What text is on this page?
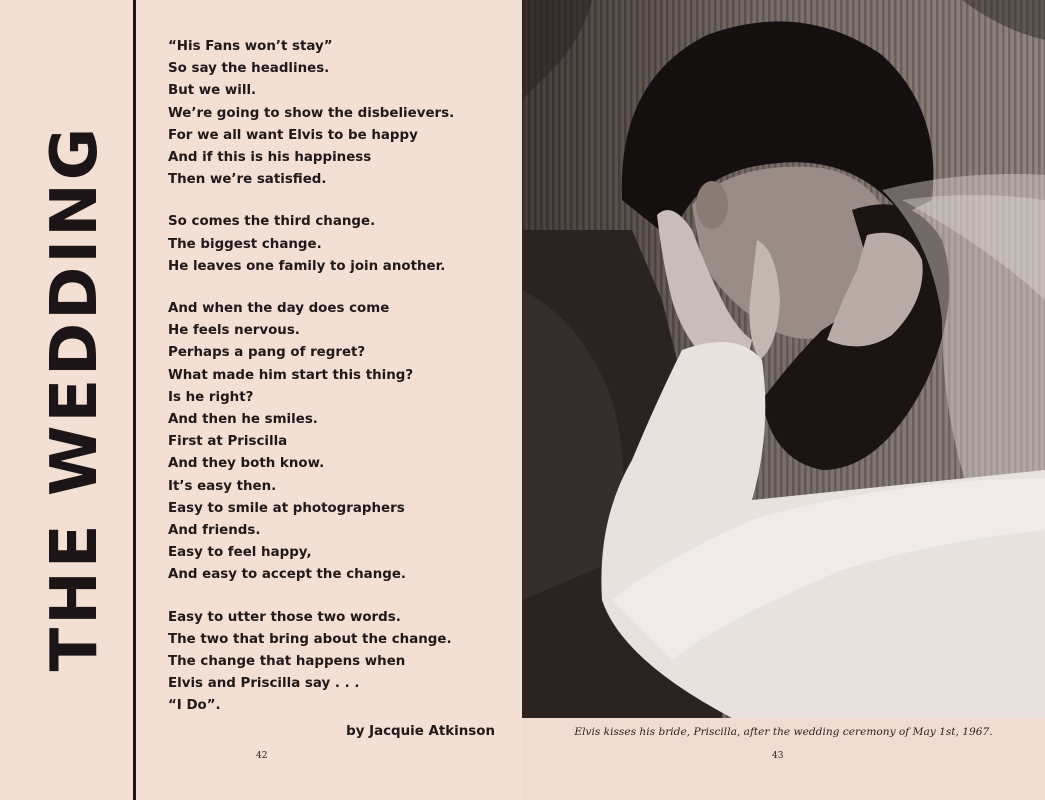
THE WEDDING
“His Fans won’t stay”
So say the headlines.
But we will.
We’re going to show the disbelievers.
For we all want Elvis to be happy
And if this is his happiness
Then we’re satisfied.
So comes the third change.
The biggest change.
He leaves one family to join another.
And when the day does come
He feels nervous.
Perhaps a pang of regret?
What made him start this thing?
Is he right?
And then he smiles.
First at Priscilla
And they both know.
It’s easy then.
Easy to smile at photographers
And friends.
Easy to feel happy,
And easy to accept the change.
Easy to utter those two words.
The two that bring about the change.
The change that happens when
Elvis and Priscilla say . . .
“I Do”.
by Jacquie Atkinson
42
Elvis kisses his bride, Priscilla, after the wedding ceremony of May 1st, 1967.
43
